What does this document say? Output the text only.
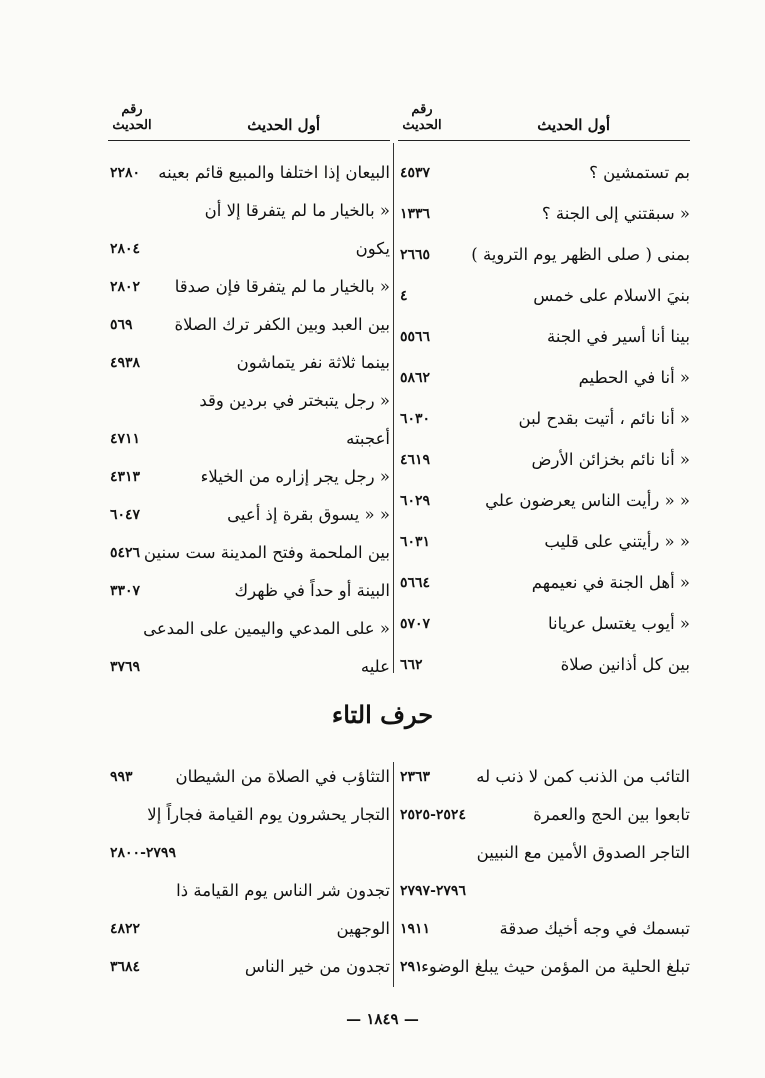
أول الحديث
رقم
الحديث
أول الحديث
رقم
الحديث
بم تستمشين ؟
٤٥٣٧
« سبقتني إلى الجنة ؟
١٣٣٦
بمنى ( صلى الظهر يوم التروية )
٢٦٦٥
بنيَ الاسلام على خمس
٤
بينا أنا أسير في الجنة
٥٥٦٦
« أنا في الحطيم
٥٨٦٢
« أنا نائم ، أتيت بقدح لبن
٦٠٣٠
« أنا نائم بخزائن الأرض
٤٦١٩
« « رأيت الناس يعرضون علي
٦٠٢٩
« « رأيتني على قليب
٦٠٣١
« أهل الجنة في نعيمهم
٥٦٦٤
« أيوب يغتسل عريانا
٥٧٠٧
بين كل أذانين صلاة
٦٦٢
البيعان إذا اختلفا والمبيع قائم بعينه
٢٢٨٠
« بالخيار ما لم يتفرقا إلا أن
يكون
٢٨٠٤
« بالخيار ما لم يتفرقا فإن صدقا
٢٨٠٢
بين العبد وبين الكفر ترك الصلاة
٥٦٩
بينما ثلاثة نفر يتماشون
٤٩٣٨
« رجل يتبختر في بردين وقد
أعجبته
٤٧١١
« رجل يجر إزاره من الخيلاء
٤٣١٣
« « يسوق بقرة إذ أعيى
٦٠٤٧
بين الملحمة وفتح المدينة ست سنين
٥٤٢٦
البينة أو حداً في ظهرك
٣٣٠٧
« على المدعي واليمين على المدعى
عليه
٣٧٦٩
حرف التاء
التائب من الذنب كمن لا ذنب له
٢٣٦٣
تابعوا بين الحج والعمرة
٢٥٢٤-٢٥٢٥
التاجر الصدوق الأمين مع النبيين
٢٧٩٦-٢٧٩٧
تبسمك في وجه أخيك صدقة
١٩١١
تبلغ الحلية من المؤمن حيث يبلغ الوضوء
٢٩١
التثاؤب في الصلاة من الشيطان
٩٩٣
التجار يحشرون يوم القيامة فجاراً إلا
٢٧٩٩-٢٨٠٠
تجدون شر الناس يوم القيامة ذا
الوجهين
٤٨٢٢
تجدون من خير الناس
٣٦٨٤
— ١٨٤٩ —
